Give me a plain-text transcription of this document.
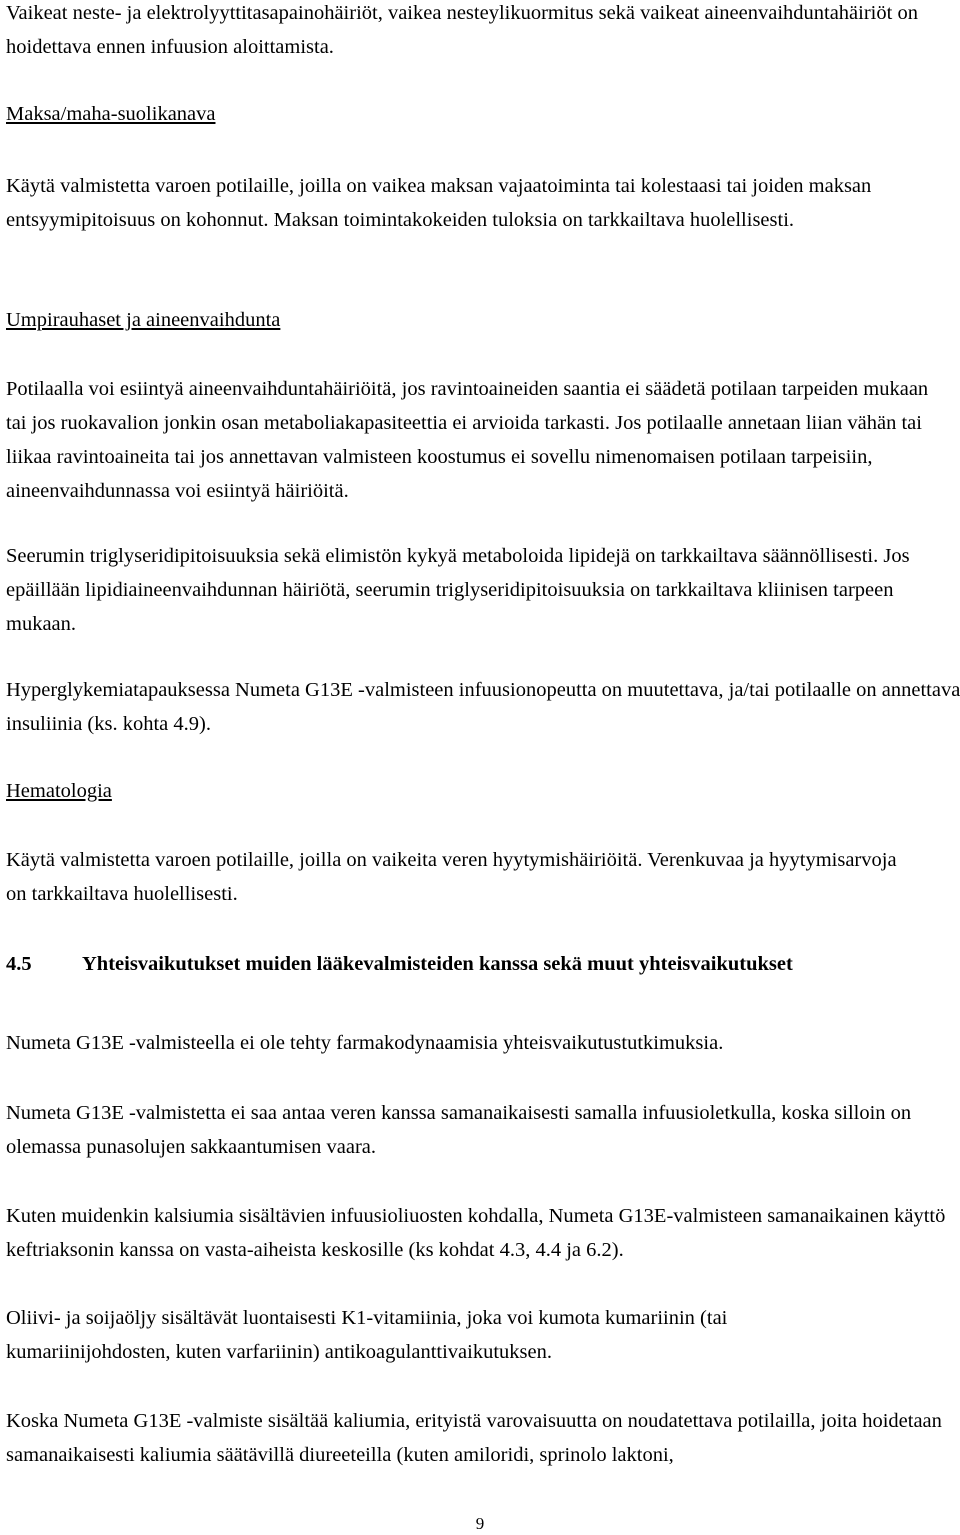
Vaikeat neste- ja elektrolyyttitasapainohäiriöt, vaikea nesteylikuormitus sekä vaikeat aineenvaihduntahäiriöt on hoidettava ennen infuusion aloittamista.

Maksa/maha-suolikanava

Käytä valmistetta varoen potilaille, joilla on vaikea maksan vajaatoiminta tai kolestaasi tai joiden maksan entsyymipitoisuus on kohonnut. Maksan toimintakokeiden tuloksia on tarkkailtava huolellisesti.

Umpirauhaset ja aineenvaihdunta

Potilaalla voi esiintyä aineenvaihduntahäiriöitä, jos ravintoaineiden saantia ei säädetä potilaan tarpeiden mukaan tai jos ruokavalion jonkin osan metaboliakapasiteettia ei arvioida tarkasti. Jos potilaalle annetaan liian vähän tai liikaa ravintoaineita tai jos annettavan valmisteen koostumus ei sovellu nimenomaisen potilaan tarpeisiin, aineenvaihdunnassa voi esiintyä häiriöitä.

Seerumin triglyseridipitoisuuksia sekä elimistön kykyä metaboloida lipidejä on tarkkailtava säännöllisesti. Jos epäillään lipidiaineenvaihdunnan häiriötä, seerumin triglyseridipitoisuuksia on tarkkailtava kliinisen tarpeen mukaan.

Hyperglykemiatapauksessa Numeta G13E -valmisteen infuusionopeutta on muutettava, ja/tai potilaalle on annettava insuliinia (ks. kohta 4.9).

Hematologia

Käytä valmistetta varoen potilaille, joilla on vaikeita veren hyytymishäiriöitä. Verenkuvaa ja hyytymisarvoja on tarkkailtava huolellisesti.

4.5	Yhteisvaikutukset muiden lääkevalmisteiden kanssa sekä muut yhteisvaikutukset

Numeta G13E -valmisteella ei ole tehty farmakodynaamisia yhteisvaikutustutkimuksia.

Numeta G13E -valmistetta ei saa antaa veren kanssa samanaikaisesti samalla infuusioletkulla, koska silloin on olemassa punasolujen sakkaantumisen vaara.

Kuten muidenkin kalsiumia sisältävien infuusioliuosten kohdalla, Numeta G13E-valmisteen samanaikainen käyttö keftriaksonin kanssa on vasta-aiheista keskosille (ks kohdat 4.3, 4.4 ja 6.2).

Oliivi- ja soijaöljy sisältävät luontaisesti K1-vitamiinia, joka voi kumota kumariinin (tai kumariinijohdosten, kuten varfariinin) antikoagulanttivaikutuksen.

Koska Numeta G13E -valmiste sisältää kaliumia, erityistä varovaisuutta on noudatettava potilailla, joita hoidetaan samanaikaisesti kaliumia säätävillä diureeteilla (kuten amiloridi, sprinolo laktoni,

9
